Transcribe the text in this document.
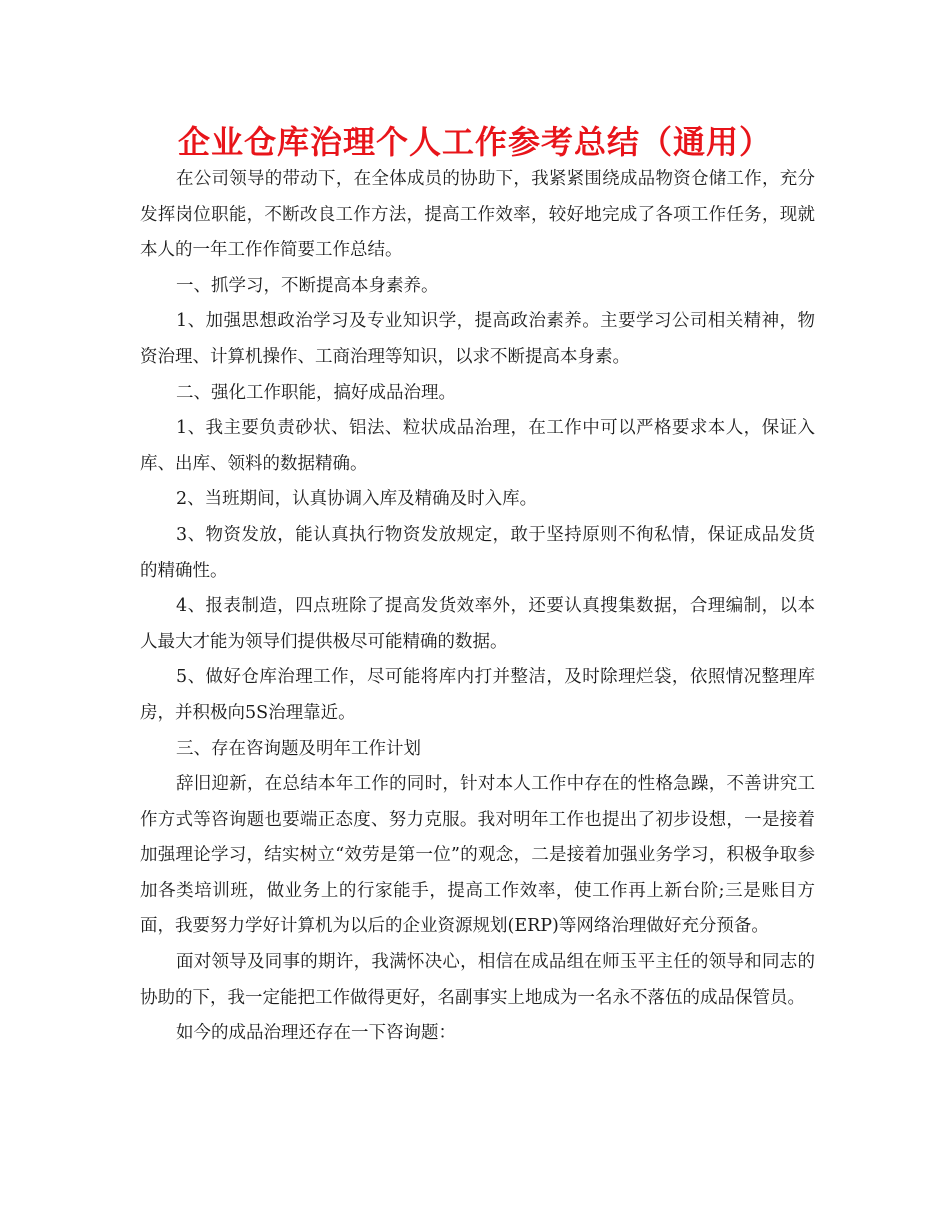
企业仓库治理个人工作参考总结（通用）

在公司领导的带动下，在全体成员的协助下，我紧紧围绕成品物资仓储工作，充分发挥岗位职能，不断改良工作方法，提高工作效率，较好地完成了各项工作任务，现就本人的一年工作作简要工作总结。

一、抓学习，不断提高本身素养。

1、加强思想政治学习及专业知识学，提高政治素养。主要学习公司相关精神，物资治理、计算机操作、工商治理等知识，以求不断提高本身素。

二、强化工作职能，搞好成品治理。

1、我主要负责砂状、铝法、粒状成品治理，在工作中可以严格要求本人，保证入库、出库、领料的数据精确。

2、当班期间，认真协调入库及精确及时入库。

3、物资发放，能认真执行物资发放规定，敢于坚持原则不徇私情，保证成品发货的精确性。

4、报表制造，四点班除了提高发货效率外，还要认真搜集数据，合理编制，以本人最大才能为领导们提供极尽可能精确的数据。

5、做好仓库治理工作，尽可能将库内打并整洁，及时除理烂袋，依照情况整理库房，并积极向5S治理靠近。

三、存在咨询题及明年工作计划

辞旧迎新，在总结本年工作的同时，针对本人工作中存在的性格急躁，不善讲究工作方式等咨询题也要端正态度、努力克服。我对明年工作也提出了初步设想，一是接着加强理论学习，结实树立“效劳是第一位”的观念，二是接着加强业务学习，积极争取参加各类培训班，做业务上的行家能手，提高工作效率，使工作再上新台阶;三是账目方面，我要努力学好计算机为以后的企业资源规划(ERP)等网络治理做好充分预备。

面对领导及同事的期许，我满怀决心，相信在成品组在师玉平主任的领导和同志的协助的下，我一定能把工作做得更好，名副事实上地成为一名永不落伍的成品保管员。

如今的成品治理还存在一下咨询题：
